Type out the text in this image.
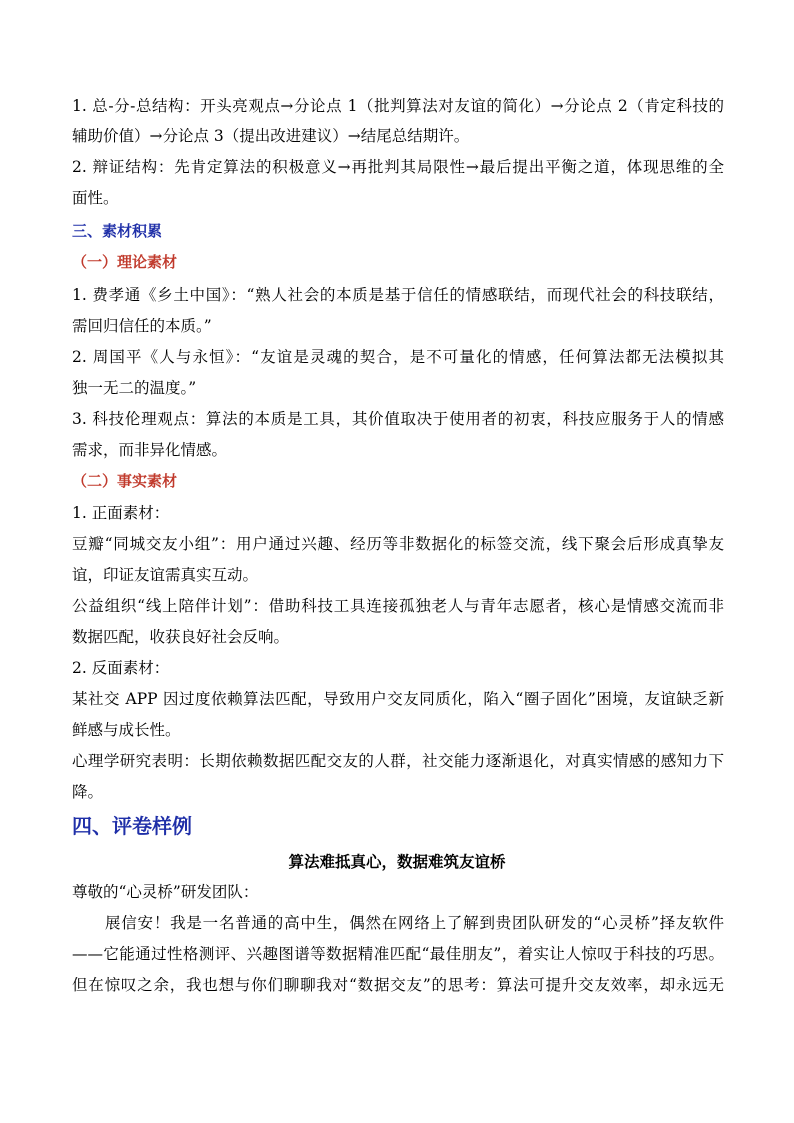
1. 总-分-总结构：开头亮观点→分论点 1（批判算法对友谊的简化）→分论点 2（肯定科技的
辅助价值）→分论点 3（提出改进建议）→结尾总结期许。
2. 辩证结构：先肯定算法的积极意义→再批判其局限性→最后提出平衡之道，体现思维的全
面性。
三、素材积累
（一）理论素材
1. 费孝通《乡土中国》：“熟人社会的本质是基于信任的情感联结，而现代社会的科技联结，
需回归信任的本质。”
2. 周国平《人与永恒》：“友谊是灵魂的契合，是不可量化的情感，任何算法都无法模拟其
独一无二的温度。”
3. 科技伦理观点：算法的本质是工具，其价值取决于使用者的初衷，科技应服务于人的情感
需求，而非异化情感。
（二）事实素材
1. 正面素材：
豆瓣“同城交友小组”：用户通过兴趣、经历等非数据化的标签交流，线下聚会后形成真挚友
谊，印证友谊需真实互动。
公益组织“线上陪伴计划”：借助科技工具连接孤独老人与青年志愿者，核心是情感交流而非
数据匹配，收获良好社会反响。
2. 反面素材：
某社交 APP 因过度依赖算法匹配，导致用户交友同质化，陷入“圈子固化”困境，友谊缺乏新
鲜感与成长性。
心理学研究表明：长期依赖数据匹配交友的人群，社交能力逐渐退化，对真实情感的感知力下
降。
四、评卷样例
算法难抵真心，数据难筑友谊桥
尊敬的“心灵桥”研发团队：
展信安！我是一名普通的高中生，偶然在网络上了解到贵团队研发的“心灵桥”择友软件
——它能通过性格测评、兴趣图谱等数据精准匹配“最佳朋友”，着实让人惊叹于科技的巧思。
但在惊叹之余，我也想与你们聊聊我对“数据交友”的思考：算法可提升交友效率，却永远无
